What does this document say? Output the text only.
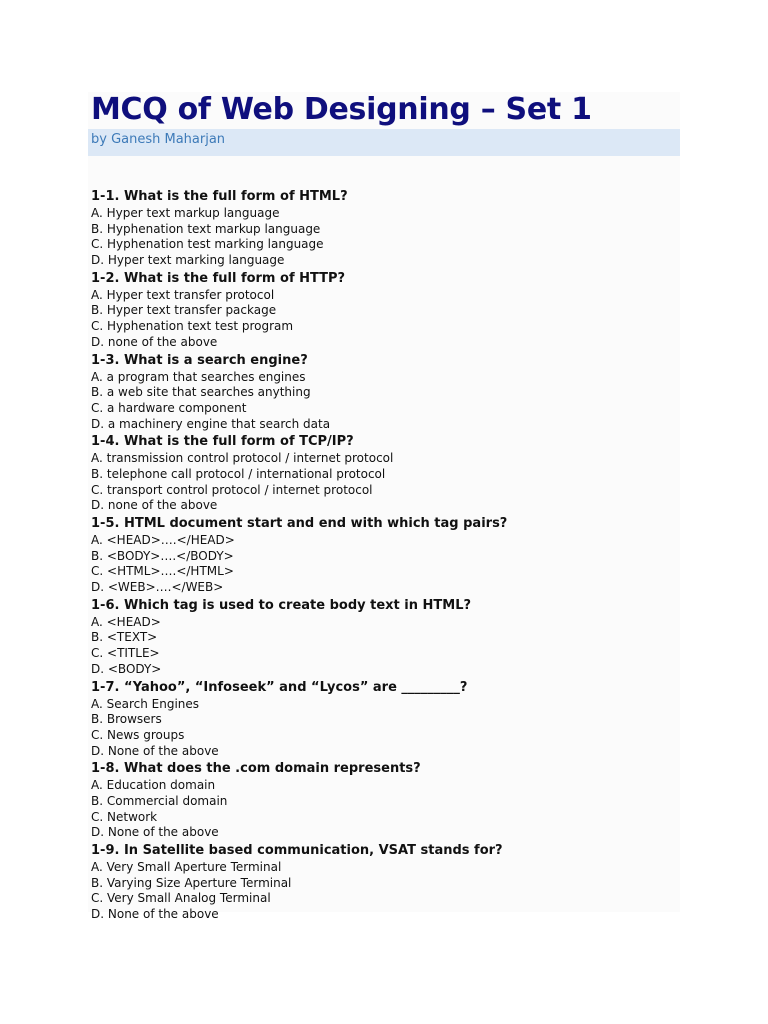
MCQ of Web Designing – Set 1
by Ganesh Maharjan
1-1. What is the full form of HTML?
A. Hyper text markup language
B. Hyphenation text markup language
C. Hyphenation test marking language
D. Hyper text marking language
1-2. What is the full form of HTTP?
A. Hyper text transfer protocol
B. Hyper text transfer package
C. Hyphenation text test program
D. none of the above
1-3. What is a search engine?
A. a program that searches engines
B. a web site that searches anything
C. a hardware component
D. a machinery engine that search data
1-4. What is the full form of TCP/IP?
A. transmission control protocol / internet protocol
B. telephone call protocol / international protocol
C. transport control protocol / internet protocol
D. none of the above
1-5. HTML document start and end with which tag pairs?
A. <HEAD>….</HEAD>
B. <BODY>….</BODY>
C. <HTML>….</HTML>
D. <WEB>….</WEB>
1-6. Which tag is used to create body text in HTML?
A. <HEAD>
B. <TEXT>
C. <TITLE>
D. <BODY>
1-7. “Yahoo”, “Infoseek” and “Lycos” are _________?
A. Search Engines
B. Browsers
C. News groups
D. None of the above
1-8. What does the .com domain represents?
A. Education domain
B. Commercial domain
C. Network
D. None of the above
1-9. In Satellite based communication, VSAT stands for?
A. Very Small Aperture Terminal
B. Varying Size Aperture Terminal
C. Very Small Analog Terminal
D. None of the above
